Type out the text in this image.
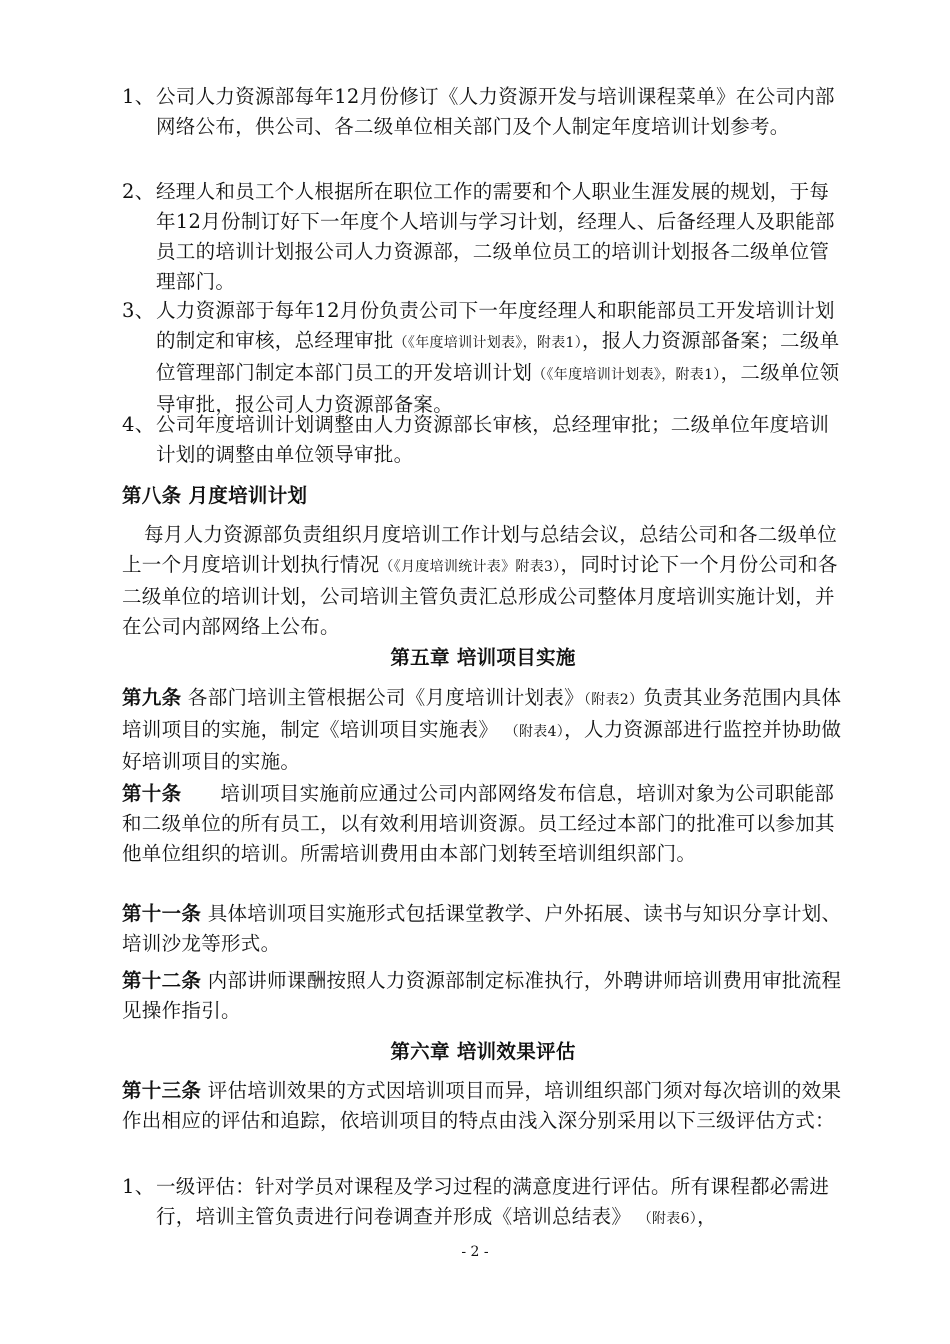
1、公司人力资源部每年12月份修订《人力资源开发与培训课程菜单》在公司内部网络公布，供公司、各二级单位相关部门及个人制定年度培训计划参考。
2、经理人和员工个人根据所在职位工作的需要和个人职业生涯发展的规划，于每年12月份制订好下一年度个人培训与学习计划，经理人、后备经理人及职能部员工的培训计划报公司人力资源部，二级单位员工的培训计划报各二级单位管理部门。
3、人力资源部于每年12月份负责公司下一年度经理人和职能部员工开发培训计划的制定和审核，总经理审批（《年度培训计划表》，附表1），报人力资源部备案；二级单位管理部门制定本部门员工的开发培训计划（《年度培训计划表》，附表1），二级单位领导审批，报公司人力资源部备案。
4、公司年度培训计划调整由人力资源部长审核，总经理审批；二级单位年度培训计划的调整由单位领导审批。
第八条 月度培训计划
每月人力资源部负责组织月度培训工作计划与总结会议，总结公司和各二级单位上一个月度培训计划执行情况（《月度培训统计表》附表3），同时讨论下一个月份公司和各二级单位的培训计划，公司培训主管负责汇总形成公司整体月度培训实施计划，并在公司内部网络上公布。
第五章 培训项目实施
第九条 各部门培训主管根据公司《月度培训计划表》（附表2）负责其业务范围内具体培训项目的实施，制定《培训项目实施表》 （附表4），人力资源部进行监控并协助做好培训项目的实施。
第十条      培训项目实施前应通过公司内部网络发布信息，培训对象为公司职能部和二级单位的所有员工，以有效利用培训资源。员工经过本部门的批准可以参加其他单位组织的培训。所需培训费用由本部门划转至培训组织部门。
第十一条 具体培训项目实施形式包括课堂教学、户外拓展、读书与知识分享计划、培训沙龙等形式。
第十二条 内部讲师课酬按照人力资源部制定标准执行，外聘讲师培训费用审批流程见操作指引。
第六章 培训效果评估
第十三条 评估培训效果的方式因培训项目而异，培训组织部门须对每次培训的效果作出相应的评估和追踪，依培训项目的特点由浅入深分别采用以下三级评估方式：
1、一级评估：针对学员对课程及学习过程的满意度进行评估。所有课程都必需进行，培训主管负责进行问卷调查并形成《培训总结表》 （附表6），
- 2 -
